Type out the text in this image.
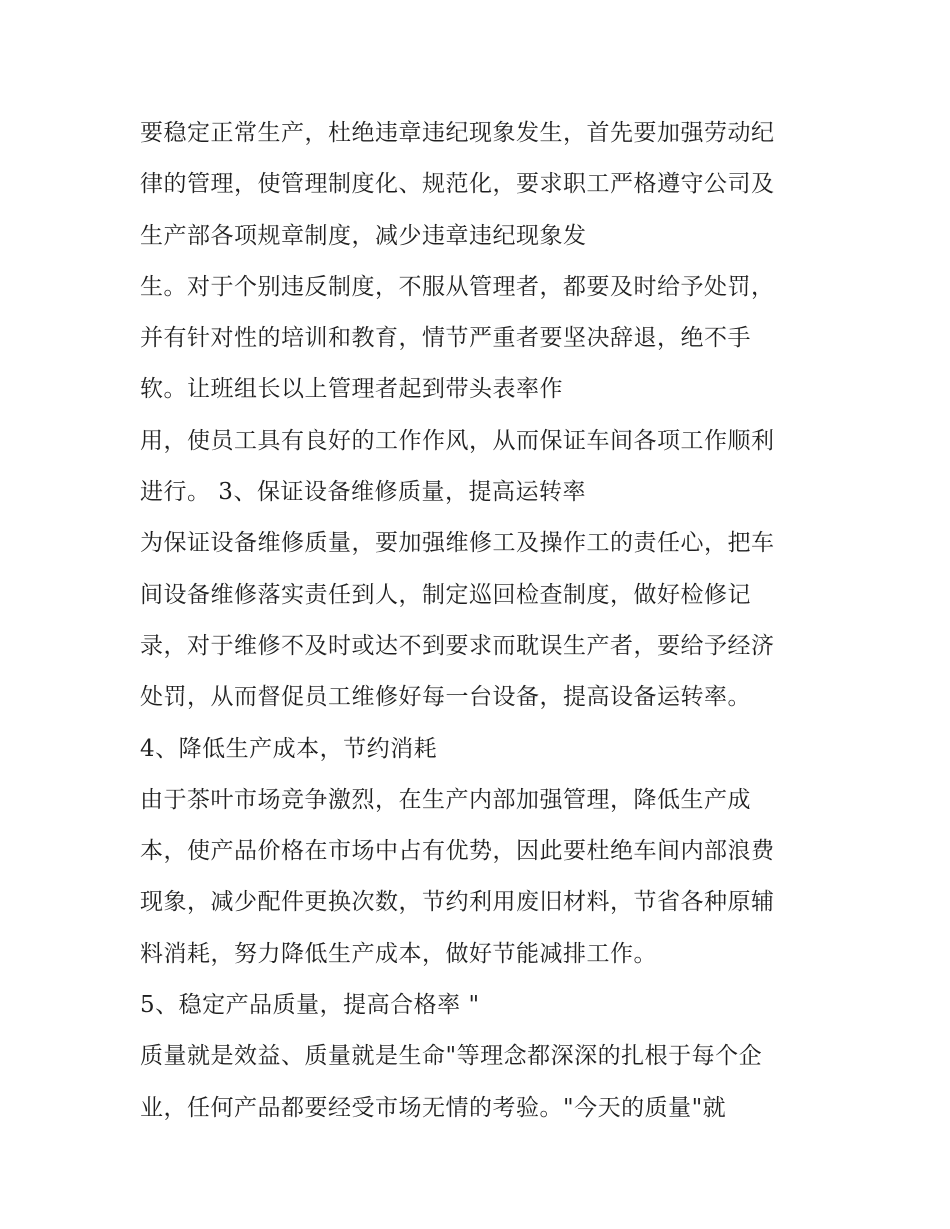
要稳定正常生产，杜绝违章违纪现象发生，首先要加强劳动纪
律的管理，使管理制度化、规范化，要求职工严格遵守公司及
生产部各项规章制度，减少违章违纪现象发
生。对于个别违反制度，不服从管理者，都要及时给予处罚，
并有针对性的培训和教育，情节严重者要坚决辞退，绝不手
软。让班组长以上管理者起到带头表率作
用，使员工具有良好的工作作风，从而保证车间各项工作顺利
进行。 3、保证设备维修质量，提高运转率
为保证设备维修质量，要加强维修工及操作工的责任心，把车
间设备维修落实责任到人，制定巡回检查制度，做好检修记
录，对于维修不及时或达不到要求而耽误生产者，要给予经济
处罚，从而督促员工维修好每一台设备，提高设备运转率。
4、降低生产成本，节约消耗
由于茶叶市场竞争激烈，在生产内部加强管理，降低生产成
本，使产品价格在市场中占有优势，因此要杜绝车间内部浪费
现象，减少配件更换次数，节约利用废旧材料，节省各种原辅
料消耗，努力降低生产成本，做好节能减排工作。
5、稳定产品质量，提高合格率 "
质量就是效益、质量就是生命"等理念都深深的扎根于每个企
业，任何产品都要经受市场无情的考验。"今天的质量"就
